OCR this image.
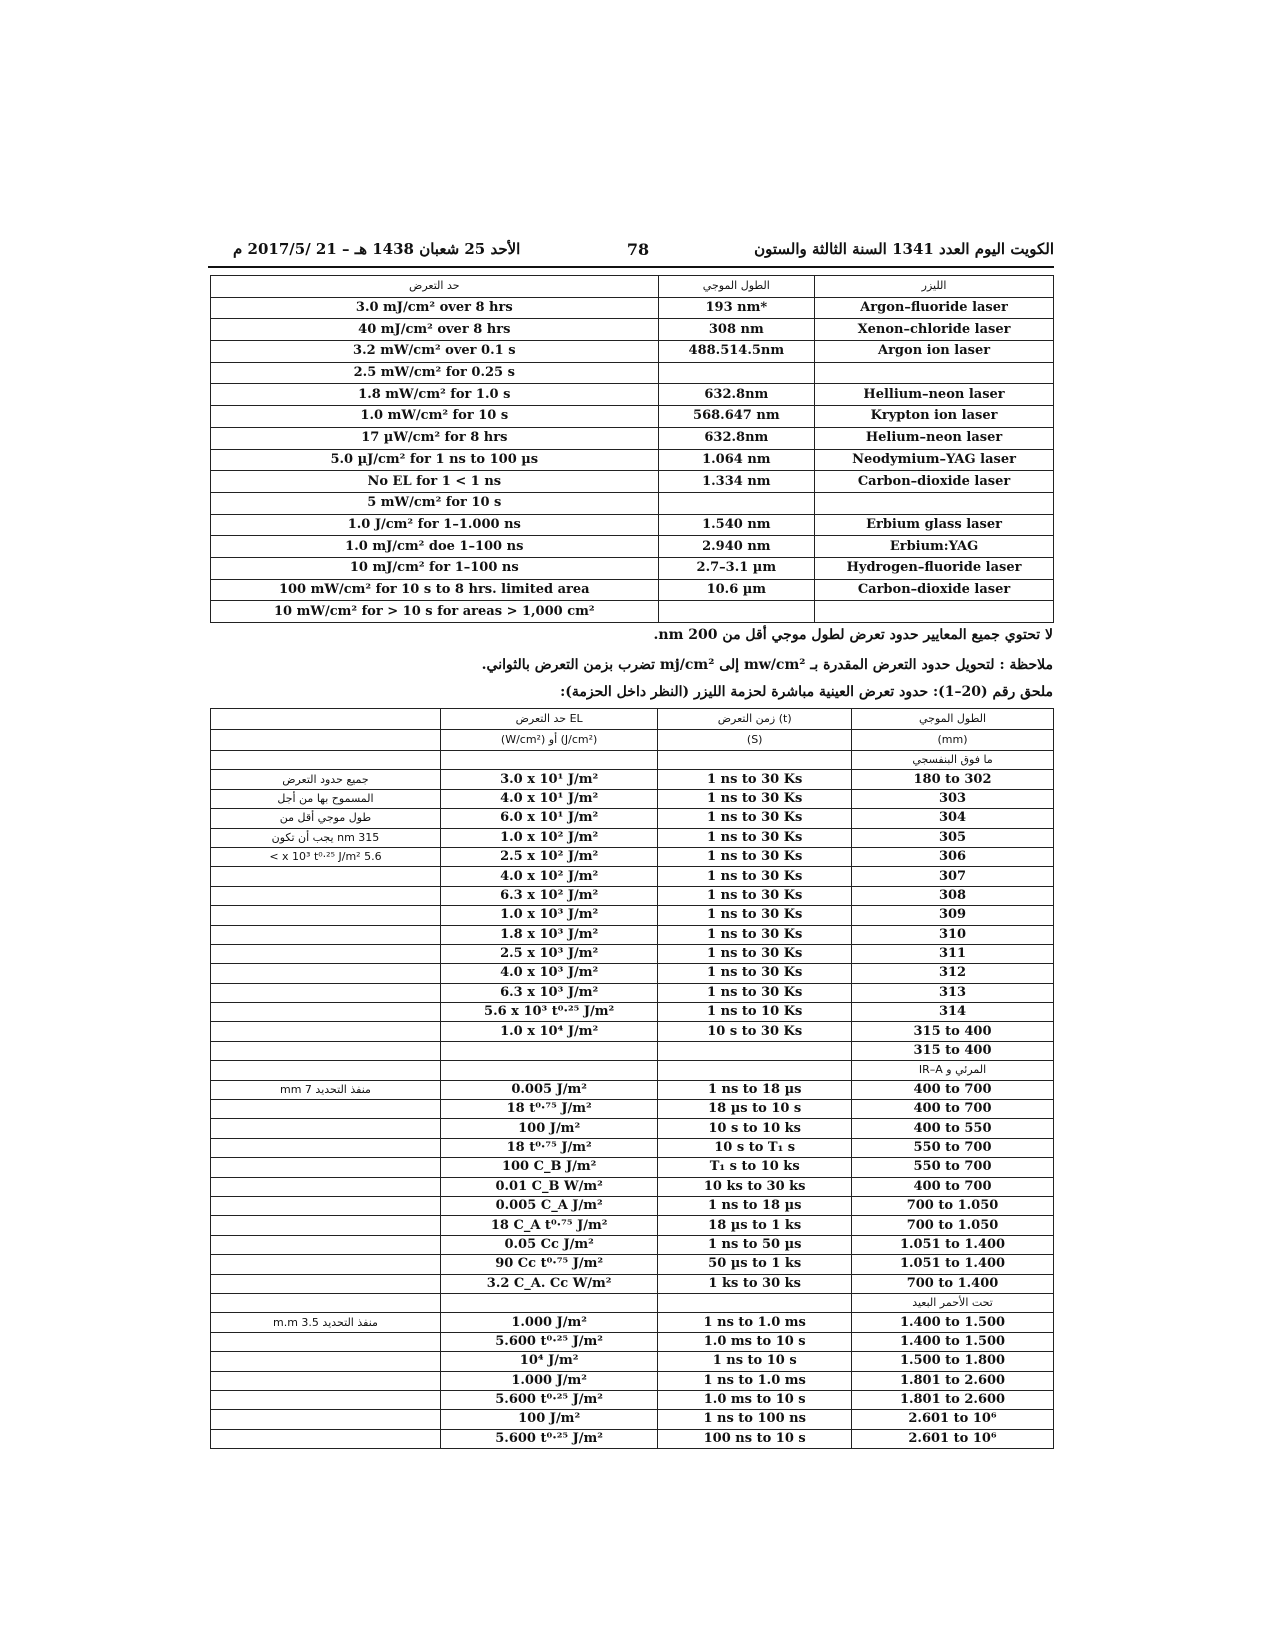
الكويت اليوم العدد 1341 السنة الثالثة والستون
78
الأحد 25 شعبان 1438 هـ – 21 /2017/5 م
حد التعرض	الطول الموجي	الليزر
3.0 mJ/cm² over 8 hrs	193 nm*	Argon–fluoride laser
40 mJ/cm² over 8 hrs	308 nm	Xenon–chloride laser
3.2 mW/cm² over 0.1 s	488.514.5nm	Argon ion laser
2.5 mW/cm² for 0.25 s		
1.8 mW/cm² for 1.0 s	632.8nm	Hellium–neon laser
1.0 mW/cm² for 10 s	568.647 nm	Krypton ion laser
17 µW/cm² for 8 hrs	632.8nm	Helium–neon laser
5.0 µJ/cm² for 1 ns to 100 µs	1.064 nm	Neodymium–YAG laser
No EL for 1 < 1 ns	1.334 nm	Carbon–dioxide laser
5 mW/cm² for 10 s		
1.0 J/cm² for 1–1.000 ns	1.540 nm	Erbium glass laser
1.0 mJ/cm² doe 1–100 ns	2.940 nm	Erbium:YAG
10 mJ/cm² for 1–100 ns	2.7–3.1 µm	Hydrogen–fluoride laser
100 mW/cm² for 10 s to 8 hrs. limited area	10.6 µm	Carbon–dioxide laser
10 mW/cm² for > 10 s for areas > 1,000 cm²		
لا تحتوي جميع المعايير حدود تعرض لطول موجي أقل من 200 nm.
ملاحظة : لتحويل حدود التعرض المقدرة بـ mw/cm² إلى mj/cm² تضرب بزمن التعرض بالثواني.
ملحق رقم (20–1): حدود تعرض العينية مباشرة لحزمة الليزر (النظر داخل الحزمة):
	حد التعرض EL	زمن التعرض (t)	الطول الموجي
	(W/cm²) أو (J/cm²)	(S)	(mm)
			ما فوق البنفسجي
جميع حدود التعرض	3.0 x 10¹ J/m²	1 ns to 30 Ks	180 to 302
المسموح بها من أجل	4.0 x 10¹ J/m²	1 ns to 30 Ks	303
طول موجي أقل من	6.0 x 10¹ J/m²	1 ns to 30 Ks	304
315 nm يجب أن تكون	1.0 x 10² J/m²	1 ns to 30 Ks	305
5.6 x 10³ t⁰·²⁵ J/m² >	2.5 x 10² J/m²	1 ns to 30 Ks	306
	4.0 x 10² J/m²	1 ns to 30 Ks	307
	6.3 x 10² J/m²	1 ns to 30 Ks	308
	1.0 x 10³ J/m²	1 ns to 30 Ks	309
	1.8 x 10³ J/m²	1 ns to 30 Ks	310
	2.5 x 10³ J/m²	1 ns to 30 Ks	311
	4.0 x 10³ J/m²	1 ns to 30 Ks	312
	6.3 x 10³ J/m²	1 ns to 30 Ks	313
	5.6 x 10³ t⁰·²⁵ J/m²	1 ns to 10 Ks	314
	1.0 x 10⁴ J/m²	10 s to 30 Ks	315 to 400
			315 to 400
			المرئي و IR–A
منفذ التحديد 7 mm	0.005 J/m²	1 ns to 18 µs	400 to 700
	18 t⁰·⁷⁵ J/m²	18 µs to 10 s	400 to 700
	100 J/m²	10 s to 10 ks	400 to 550
	18 t⁰·⁷⁵ J/m²	10 s to T₁ s	550 to 700
	100 C_B J/m²	T₁ s to 10 ks	550 to 700
	0.01 C_B W/m²	10 ks to 30 ks	400 to 700
	0.005 C_A J/m²	1 ns to 18 µs	700 to 1.050
	18 C_A t⁰·⁷⁵ J/m²	18 µs to 1 ks	700 to 1.050
	0.05 Cc J/m²	1 ns to 50 µs	1.051 to 1.400
	90 Cc t⁰·⁷⁵ J/m²	50 µs to 1 ks	1.051 to 1.400
	3.2 C_A. Cc W/m²	1 ks to 30 ks	700 to 1.400
			تحت الأحمر البعيد
منفذ التحديد 3.5 m.m	1.000 J/m²	1 ns to 1.0 ms	1.400 to 1.500
	5.600 t⁰·²⁵ J/m²	1.0 ms to 10 s	1.400 to 1.500
	10⁴ J/m²	1 ns to 10 s	1.500 to 1.800
	1.000 J/m²	1 ns to 1.0 ms	1.801 to 2.600
	5.600 t⁰·²⁵ J/m²	1.0 ms to 10 s	1.801 to 2.600
	100 J/m²	1 ns to 100 ns	2.601 to 10⁶
	5.600 t⁰·²⁵ J/m²	100 ns to 10 s	2.601 to 10⁶
